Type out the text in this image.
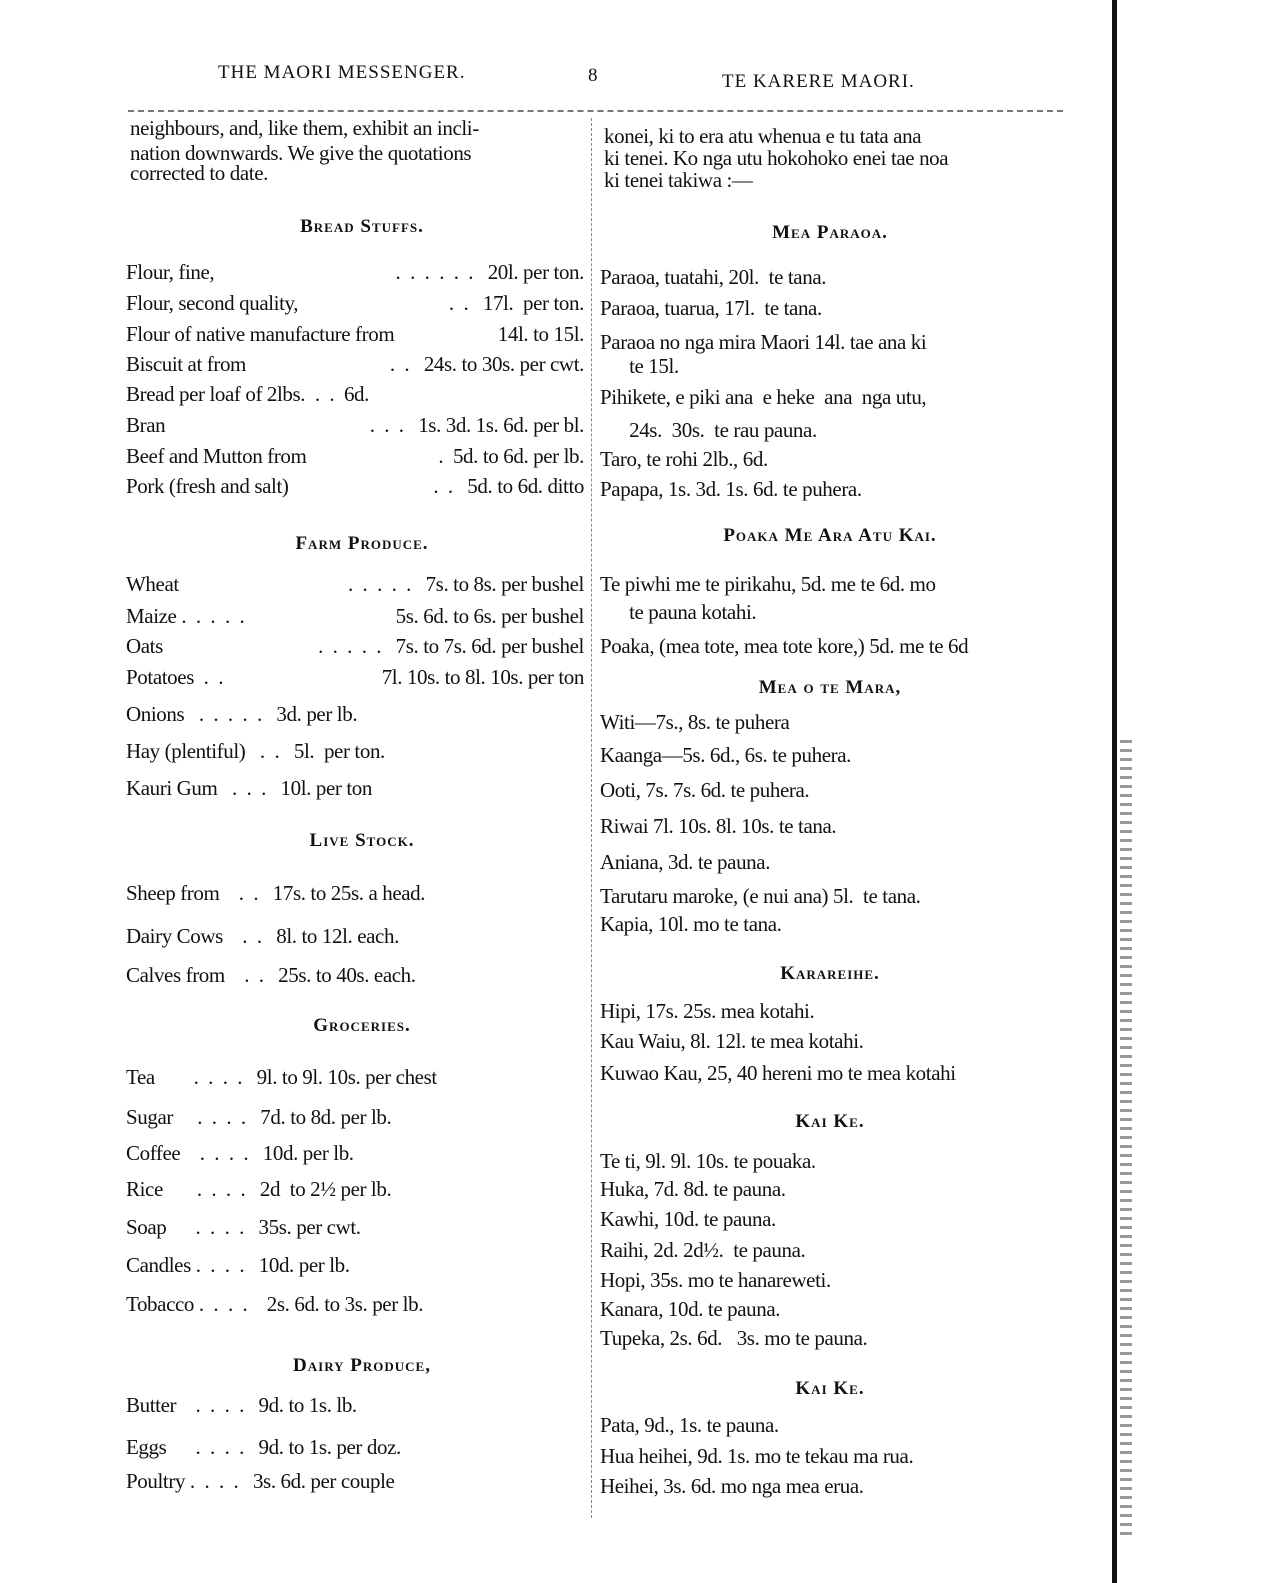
THE MAORI MESSENGER.	8	TE KARERE MAORI.
neighbours, and, like them, exhibit an incli-
nation downwards. We give the quotations
corrected to date.
konei, ki to era atu whenua e tu tata ana
ki tenei. Ko nga utu hokohoko enei tae noa
ki tenei takiwa :—
Bread Stuffs.
Flour, fine,	.  .  .  .  .  .   20l. per ton.
Flour, second quality,	.  .   17l.  per ton.
Flour of native manufacture from	14l. to 15l.
Biscuit at from	.  .   24s. to 30s. per cwt.
Bread per loaf of 2lbs.  .  .  6d.
Bran	.  .  .   1s. 3d. 1s. 6d. per bl.
Beef and Mutton from	.  5d. to 6d. per lb.
Pork (fresh and salt)	.  .   5d. to 6d. ditto
Farm Produce.
Wheat	.  .  .  .  .   7s. to 8s. per bushel
Maize .  .  .  .  .	5s. 6d. to 6s. per bushel
Oats	.  .  .  .  .   7s. to 7s. 6d. per bushel
Potatoes  .  .	7l. 10s. to 8l. 10s. per ton
Onions   .  .  .  .  .   3d. per lb.
Hay (plentiful)   .  .   5l.  per ton.
Kauri Gum   .  .  .   10l. per ton
Live Stock.
Sheep from    .  .   17s. to 25s. a head.
Dairy Cows    .  .   8l. to 12l. each.
Calves from    .  .   25s. to 40s. each.
Groceries.
Tea        .  .  .  .   9l. to 9l. 10s. per chest
Sugar     .  .  .  .   7d. to 8d. per lb.
Coffee    .  .  .  .   10d. per lb.
Rice       .  .  .  .   2d  to 2½ per lb.
Soap      .  .  .  .   35s. per cwt.
Candles .  .  .  .   10d. per lb.
Tobacco .  .  .  .    2s. 6d. to 3s. per lb.
Dairy Produce,
Butter    .  .  .  .   9d. to 1s. lb.
Eggs      .  .  .  .   9d. to 1s. per doz.
Poultry .  .  .  .   3s. 6d. per couple
Mea Paraoa.
Paraoa, tuatahi, 20l.  te tana.
Paraoa, tuarua, 17l.  te tana.
Paraoa no nga mira Maori 14l. tae ana ki
te 15l.
Pihikete, e piki ana  e heke  ana  nga utu,
24s.  30s.  te rau pauna.
Taro, te rohi 2lb., 6d.
Papapa, 1s. 3d. 1s. 6d. te puhera.
Poaka Me Ara Atu Kai.
Te piwhi me te pirikahu, 5d. me te 6d. mo
te pauna kotahi.
Poaka, (mea tote, mea tote kore,) 5d. me te 6d
Mea o te Mara,
Witi—7s., 8s. te puhera
Kaanga—5s. 6d., 6s. te puhera.
Ooti, 7s. 7s. 6d. te puhera.
Riwai 7l. 10s. 8l. 10s. te tana.
Aniana, 3d. te pauna.
Tarutaru maroke, (e nui ana) 5l.  te tana.
Kapia, 10l. mo te tana.
Karareihe.
Hipi, 17s. 25s. mea kotahi.
Kau Waiu, 8l. 12l. te mea kotahi.
Kuwao Kau, 25, 40 hereni mo te mea kotahi
Kai Ke.
Te ti, 9l. 9l. 10s. te pouaka.
Huka, 7d. 8d. te pauna.
Kawhi, 10d. te pauna.
Raihi, 2d. 2d½.  te pauna.
Hopi, 35s. mo te hanareweti.
Kanara, 10d. te pauna.
Tupeka, 2s. 6d.   3s. mo te pauna.
Kai Ke.
Pata, 9d., 1s. te pauna.
Hua heihei, 9d. 1s. mo te tekau ma rua.
Heihei, 3s. 6d. mo nga mea erua.
